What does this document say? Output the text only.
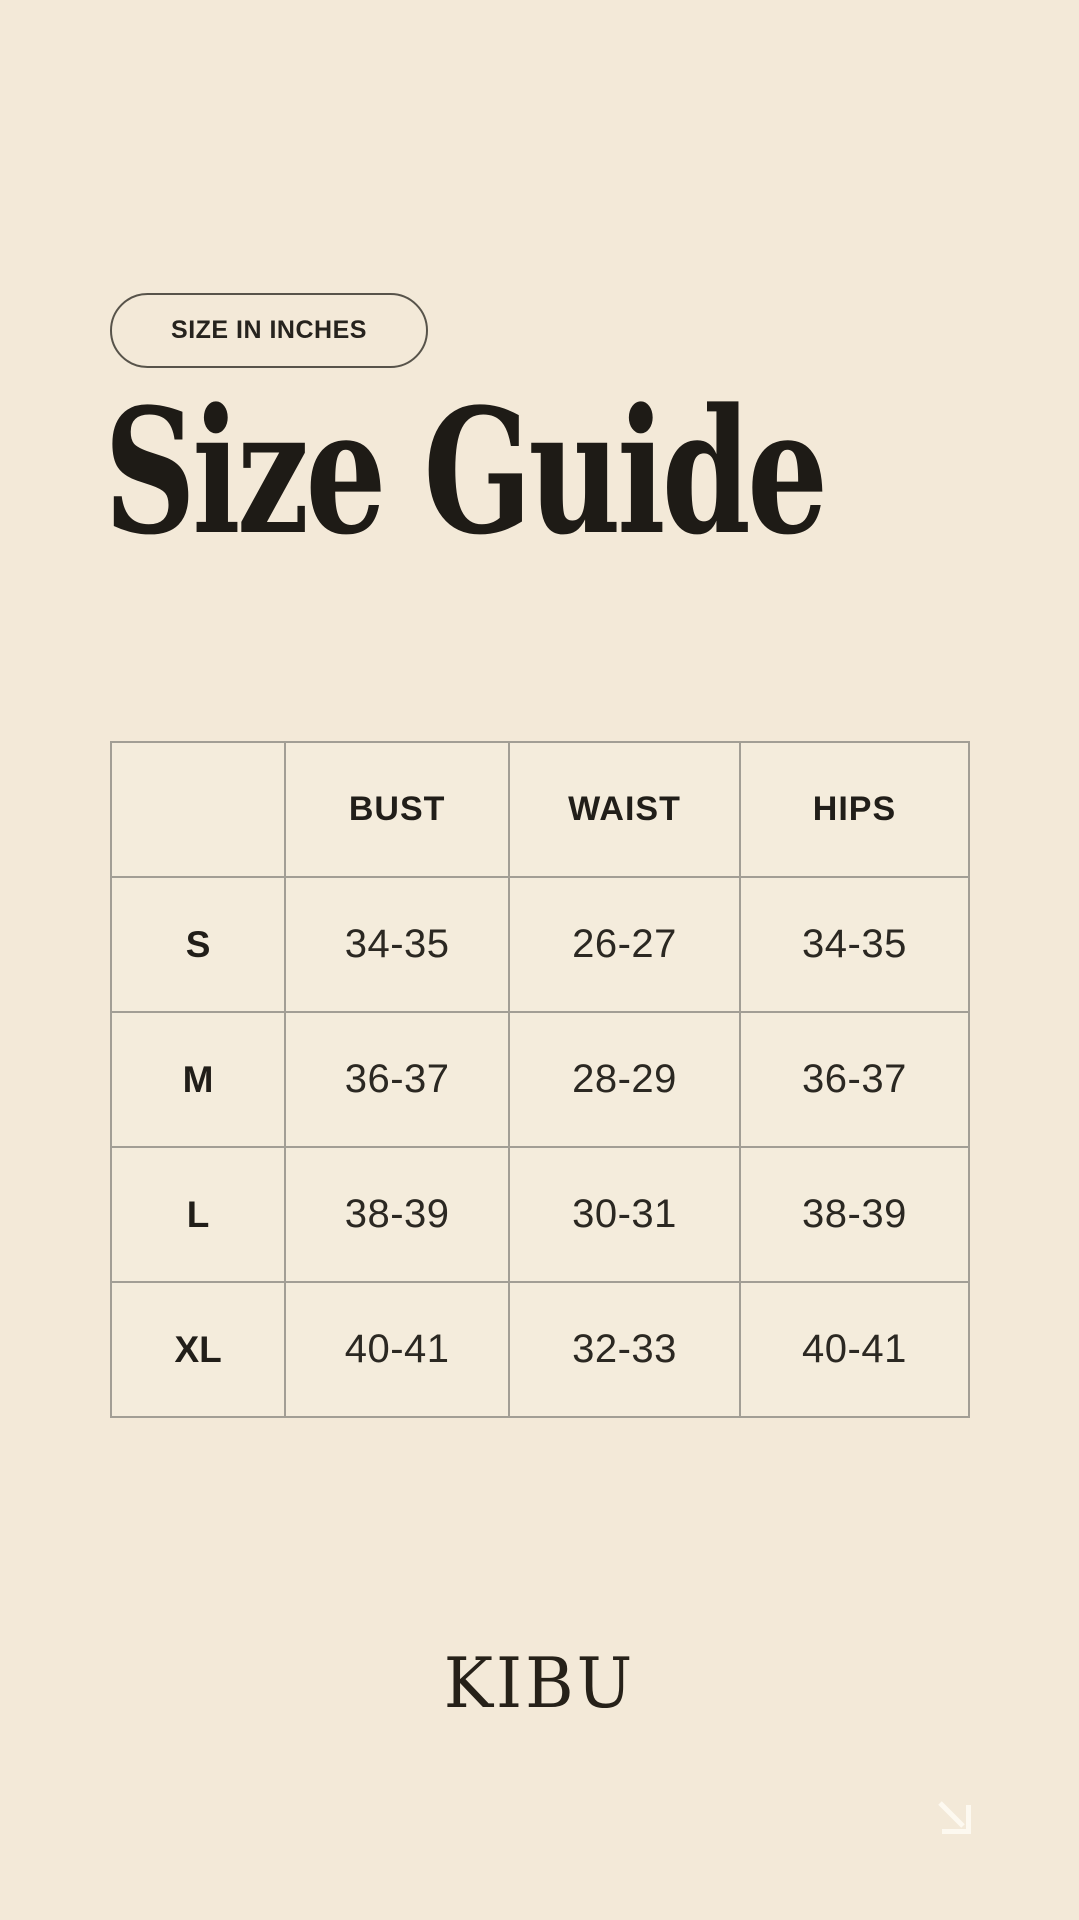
SIZE IN INCHES
Size Guide
	BUST	WAIST	HIPS
S	34-35	26-27	34-35
M	36-37	28-29	36-37
L	38-39	30-31	38-39
XL	40-41	32-33	40-41
KIBU
